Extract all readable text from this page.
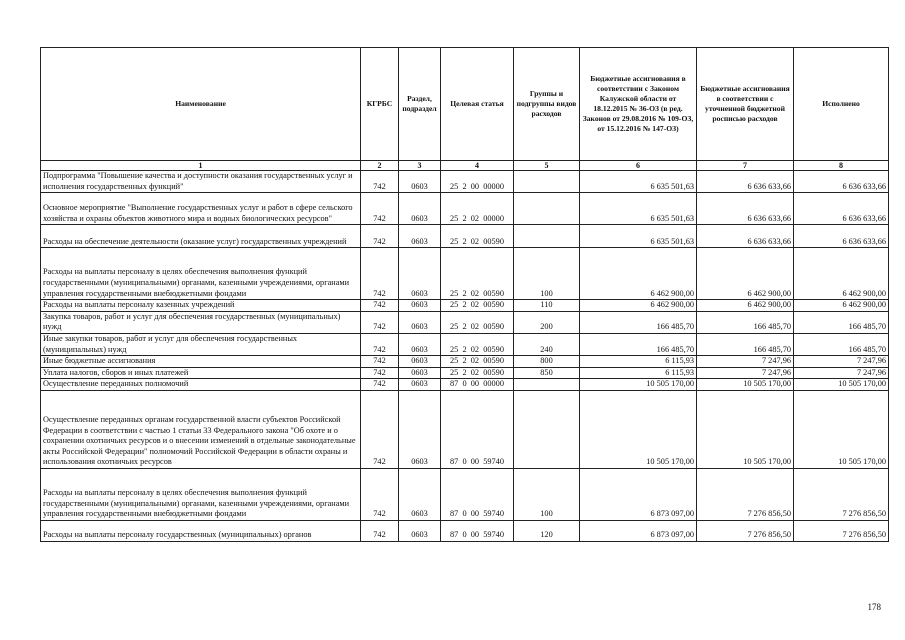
Наименование	КГРБС	Раздел, подраздел	Целевая статья	Группы и подгруппы видов расходов	Бюджетные ассигнования в соответствии с Законом Калужской области от 18.12.2015 № 36-ОЗ (в ред. Законов от 29.08.2016 № 109-ОЗ, от 15.12.2016 № 147-ОЗ)	Бюджетные ассигнования в соответствии с уточненной бюджетной росписью расходов	Исполнено
1	2	3	4	5	6	7	8
Подпрограмма "Повышение качества и доступности оказания государственных услуг и исполнения государственных функций"	742	0603	25  2  00  00000		6 635 501,63	6 636 633,66	6 636 633,66
Основное мероприятие "Выполнение государственных услуг и работ в сфере сельского хозяйства и охраны объектов животного мира и водных биологических ресурсов"	742	0603	25  2  02  00000		6 635 501,63	6 636 633,66	6 636 633,66
Расходы на обеспечение деятельности (оказание услуг) государственных учреждений	742	0603	25  2  02  00590		6 635 501,63	6 636 633,66	6 636 633,66
Расходы на выплаты персоналу в целях обеспечения выполнения функций государственными (муниципальными) органами, казенными учреждениями, органами управления государственными внебюджетными фондами	742	0603	25  2  02  00590	100	6 462 900,00	6 462 900,00	6 462 900,00
Расходы на выплаты персоналу казенных учреждений	742	0603	25  2  02  00590	110	6 462 900,00	6 462 900,00	6 462 900,00
Закупка товаров, работ и услуг для обеспечения государственных (муниципальных) нужд	742	0603	25  2  02  00590	200	166 485,70	166 485,70	166 485,70
Иные закупки товаров, работ и услуг для обеспечения государственных (муниципальных) нужд	742	0603	25  2  02  00590	240	166 485,70	166 485,70	166 485,70
Иные бюджетные ассигнования	742	0603	25  2  02  00590	800	6 115,93	7 247,96	7 247,96
Уплата налогов, сборов и иных платежей	742	0603	25  2  02  00590	850	6 115,93	7 247,96	7 247,96
Осуществление переданных полномочий	742	0603	87  0  00  00000		10 505 170,00	10 505 170,00	10 505 170,00
Осуществление переданных органам государственной власти субъектов Российской Федерации в соответствии с частью 1 статьи 33 Федерального закона "Об охоте и о сохранении охотничьих ресурсов и о внесении изменений в отдельные законодательные акты Российской Федерации" полномочий Российской Федерации в области охраны и использования охотничьих ресурсов	742	0603	87  0  00  59740		10 505 170,00	10 505 170,00	10 505 170,00
Расходы на выплаты персоналу в целях обеспечения выполнения функций государственными (муниципальными) органами, казенными учреждениями, органами управления государственными внебюджетными фондами	742	0603	87  0  00  59740	100	6 873 097,00	7 276 856,50	7 276 856,50
Расходы на выплаты персоналу государственных (муниципальных) органов	742	0603	87  0  00  59740	120	6 873 097,00	7 276 856,50	7 276 856,50
178
